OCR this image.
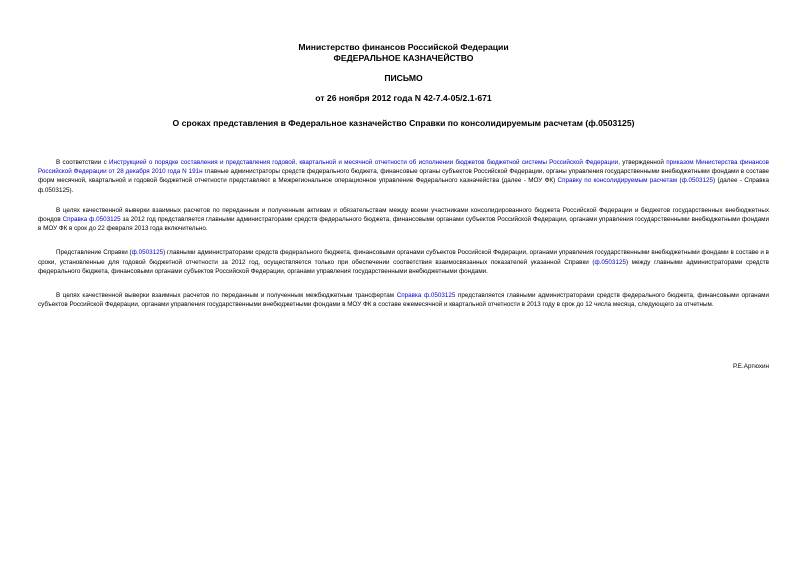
Министерство финансов Российской Федерации
ФЕДЕРАЛЬНОЕ КАЗНАЧЕЙСТВО
ПИСЬМО
от 26 ноября 2012 года N 42-7.4-05/2.1-671
О сроках представления в Федеральное казначейство Справки по консолидируемым расчетам (ф.0503125)

В соответствии с Инструкцией о порядке составления и представления годовой, квартальной и месячной отчетности об исполнении бюджетов бюджетной системы Российской Федерации, утвержденной приказом Министерства финансов Российской Федерации от 28 декабря 2010 года N 191н главные администраторы средств федерального бюджета, финансовые органы субъектов Российской Федерации, органы управления государственными внебюджетными фондами в составе форм месячной, квартальной и годовой бюджетной отчетности представляют в Межрегиональное операционное управление Федерального казначейства (далее - МОУ ФК) Справку по консолидируемым расчетам (ф.0503125) (далее - Справка ф.0503125).

В целях качественной выверки взаимных расчетов по переданным и полученным активам и обязательствам между всеми участниками консолидированного бюджета Российской Федерации и бюджетов государственных внебюджетных фондов Справка ф.0503125 за 2012 год представляется главными администраторами средств федерального бюджета, финансовыми органами субъектов Российской Федерации, органами управления государственными внебюджетными фондами в МОУ ФК в срок до 22 февраля 2013 года включительно.

Представление Справки (ф.0503125) главными администраторами средств федерального бюджета, финансовыми органами субъектов Российской Федерации, органами управления государственными внебюджетными фондами в составе и в сроки, установленные для годовой бюджетной отчетности за 2012 год, осуществляется только при обеспечении соответствия взаимосвязанных показателей указанной Справки (ф.0503125) между главными администраторами средств федерального бюджета, финансовыми органами субъектов Российской Федерации, органами управления государственными внебюджетными фондами.

В целях качественной выверки взаимных расчетов по переданным и полученным межбюджетным трансфертам Справка ф.0503125 представляется главными администраторами средств федерального бюджета, финансовыми органами субъектов Российской Федерации, органами управления государственными внебюджетными фондами в МОУ ФК в составе ежемесячной и квартальной отчетности в 2013 году в срок до 12 числа месяца, следующего за отчетным.

Р.Е.Артюхин
